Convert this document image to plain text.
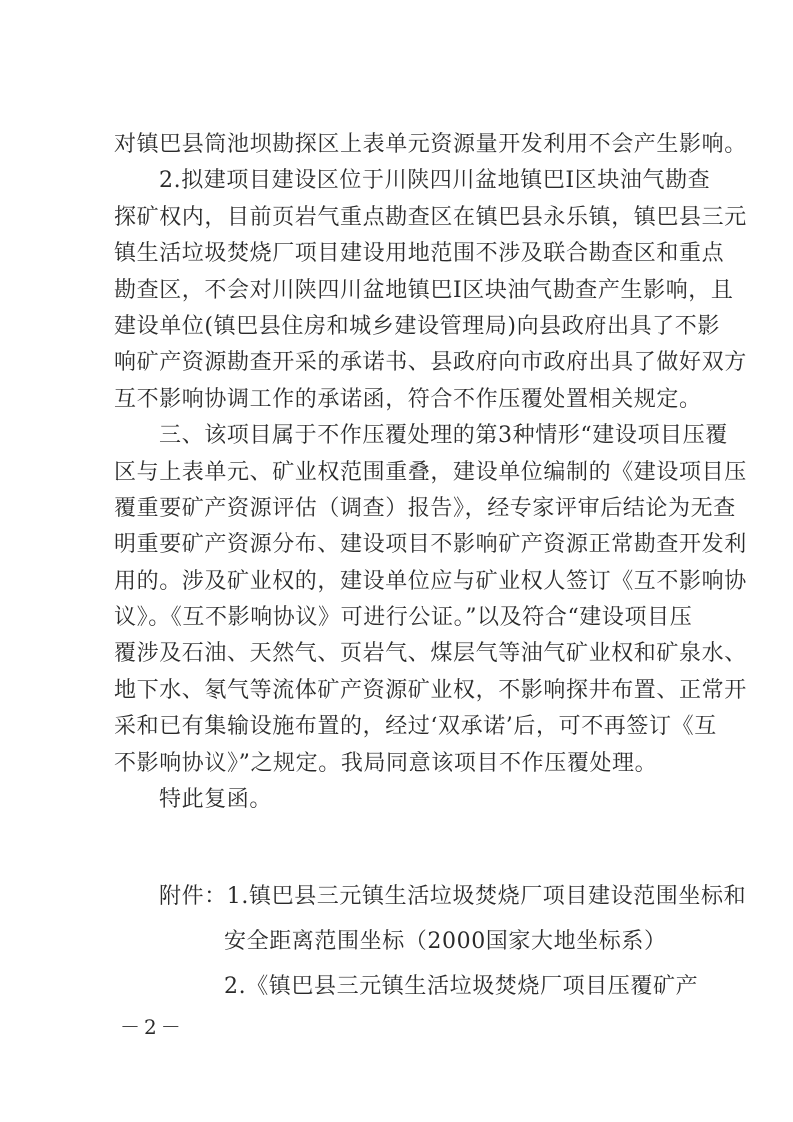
对镇巴县筒池坝勘探区上表单元资源量开发利用不会产生影响。
2.拟建项目建设区位于川陕四川盆地镇巴Ⅰ区块油气勘查
探矿权内，目前页岩气重点勘查区在镇巴县永乐镇，镇巴县三元
镇生活垃圾焚烧厂项目建设用地范围不涉及联合勘查区和重点
勘查区，不会对川陕四川盆地镇巴Ⅰ区块油气勘查产生影响，且
建设单位(镇巴县住房和城乡建设管理局)向县政府出具了不影
响矿产资源勘查开采的承诺书、县政府向市政府出具了做好双方
互不影响协调工作的承诺函，符合不作压覆处置相关规定。
三、该项目属于不作压覆处理的第3种情形“建设项目压覆
区与上表单元、矿业权范围重叠，建设单位编制的《建设项目压
覆重要矿产资源评估（调查）报告》，经专家评审后结论为无查
明重要矿产资源分布、建设项目不影响矿产资源正常勘查开发利
用的。涉及矿业权的，建设单位应与矿业权人签订《互不影响协
议》。《互不影响协议》可进行公证。”以及符合“建设项目压
覆涉及石油、天然气、页岩气、煤层气等油气矿业权和矿泉水、
地下水、氡气等流体矿产资源矿业权，不影响探井布置、正常开
采和已有集输设施布置的，经过‘双承诺’后，可不再签订《互
不影响协议》”之规定。我局同意该项目不作压覆处理。
特此复函。
附件：1.镇巴县三元镇生活垃圾焚烧厂项目建设范围坐标和
安全距离范围坐标（2000国家大地坐标系）
2.《镇巴县三元镇生活垃圾焚烧厂项目压覆矿产
－2－
